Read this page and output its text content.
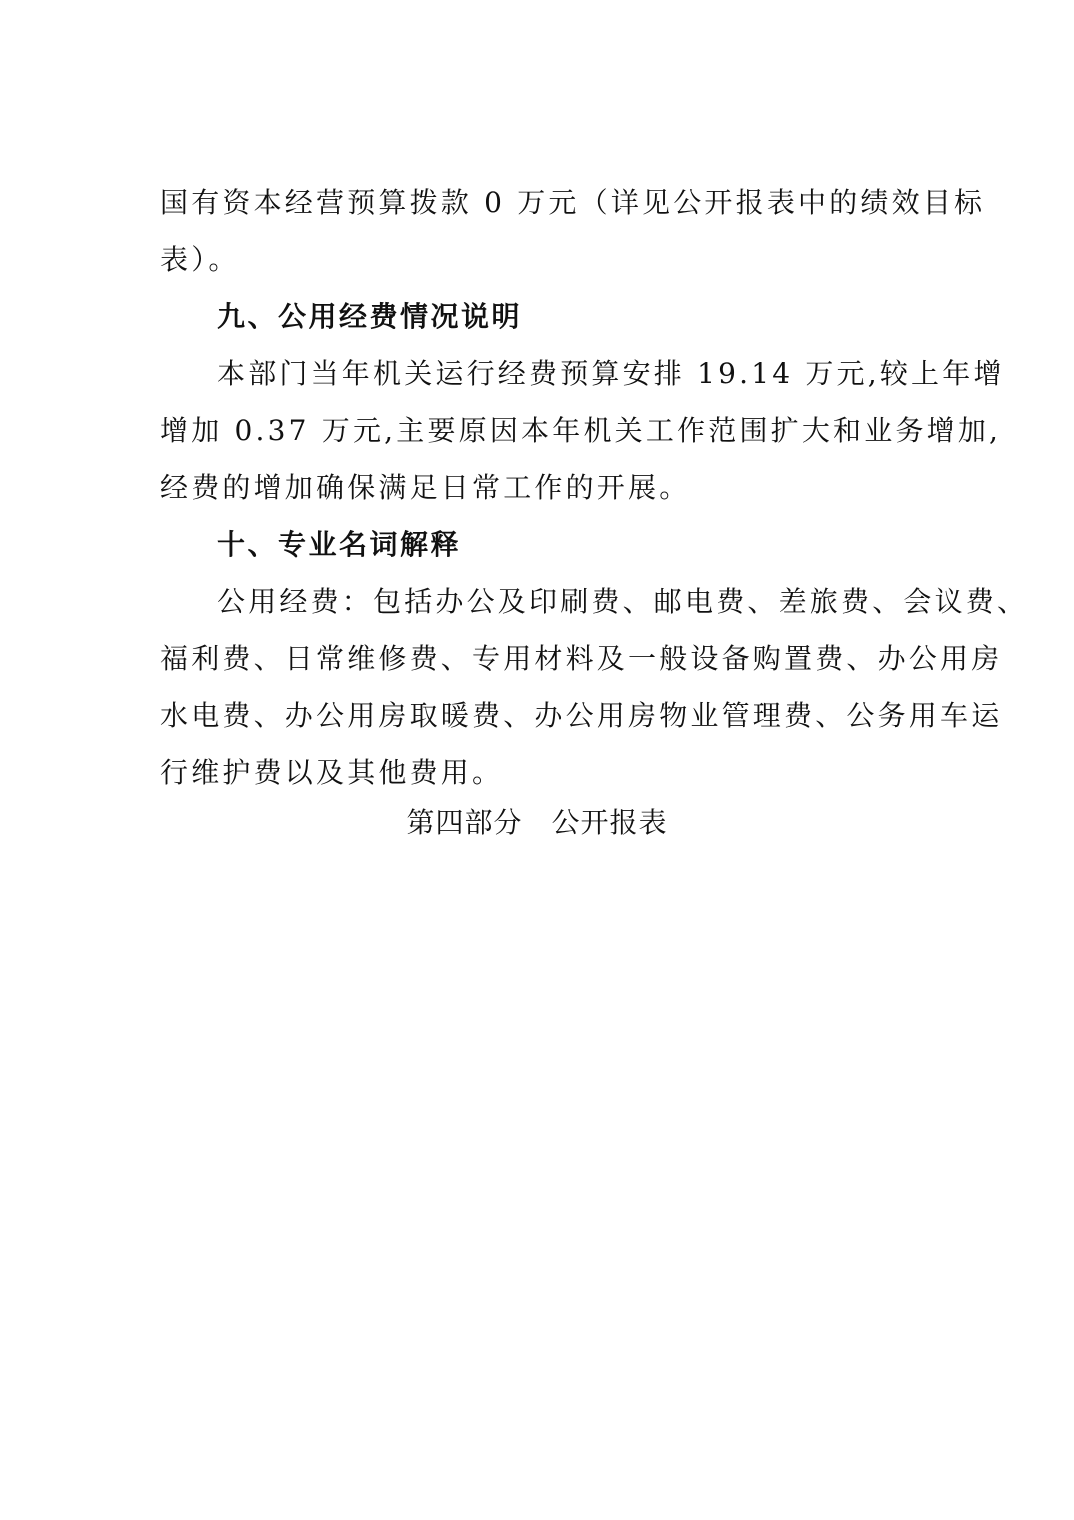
国有资本经营预算拨款 0 万元（详见公开报表中的绩效目标
表）。
九、公用经费情况说明
本部门当年机关运行经费预算安排 19.14 万元,较上年增
增加 0.37 万元,主要原因本年机关工作范围扩大和业务增加,
经费的增加确保满足日常工作的开展。
十、专业名词解释
公用经费：包括办公及印刷费、邮电费、差旅费、会议费、
福利费、日常维修费、专用材料及一般设备购置费、办公用房
水电费、办公用房取暖费、办公用房物业管理费、公务用车运
行维护费以及其他费用。
第四部分　公开报表
